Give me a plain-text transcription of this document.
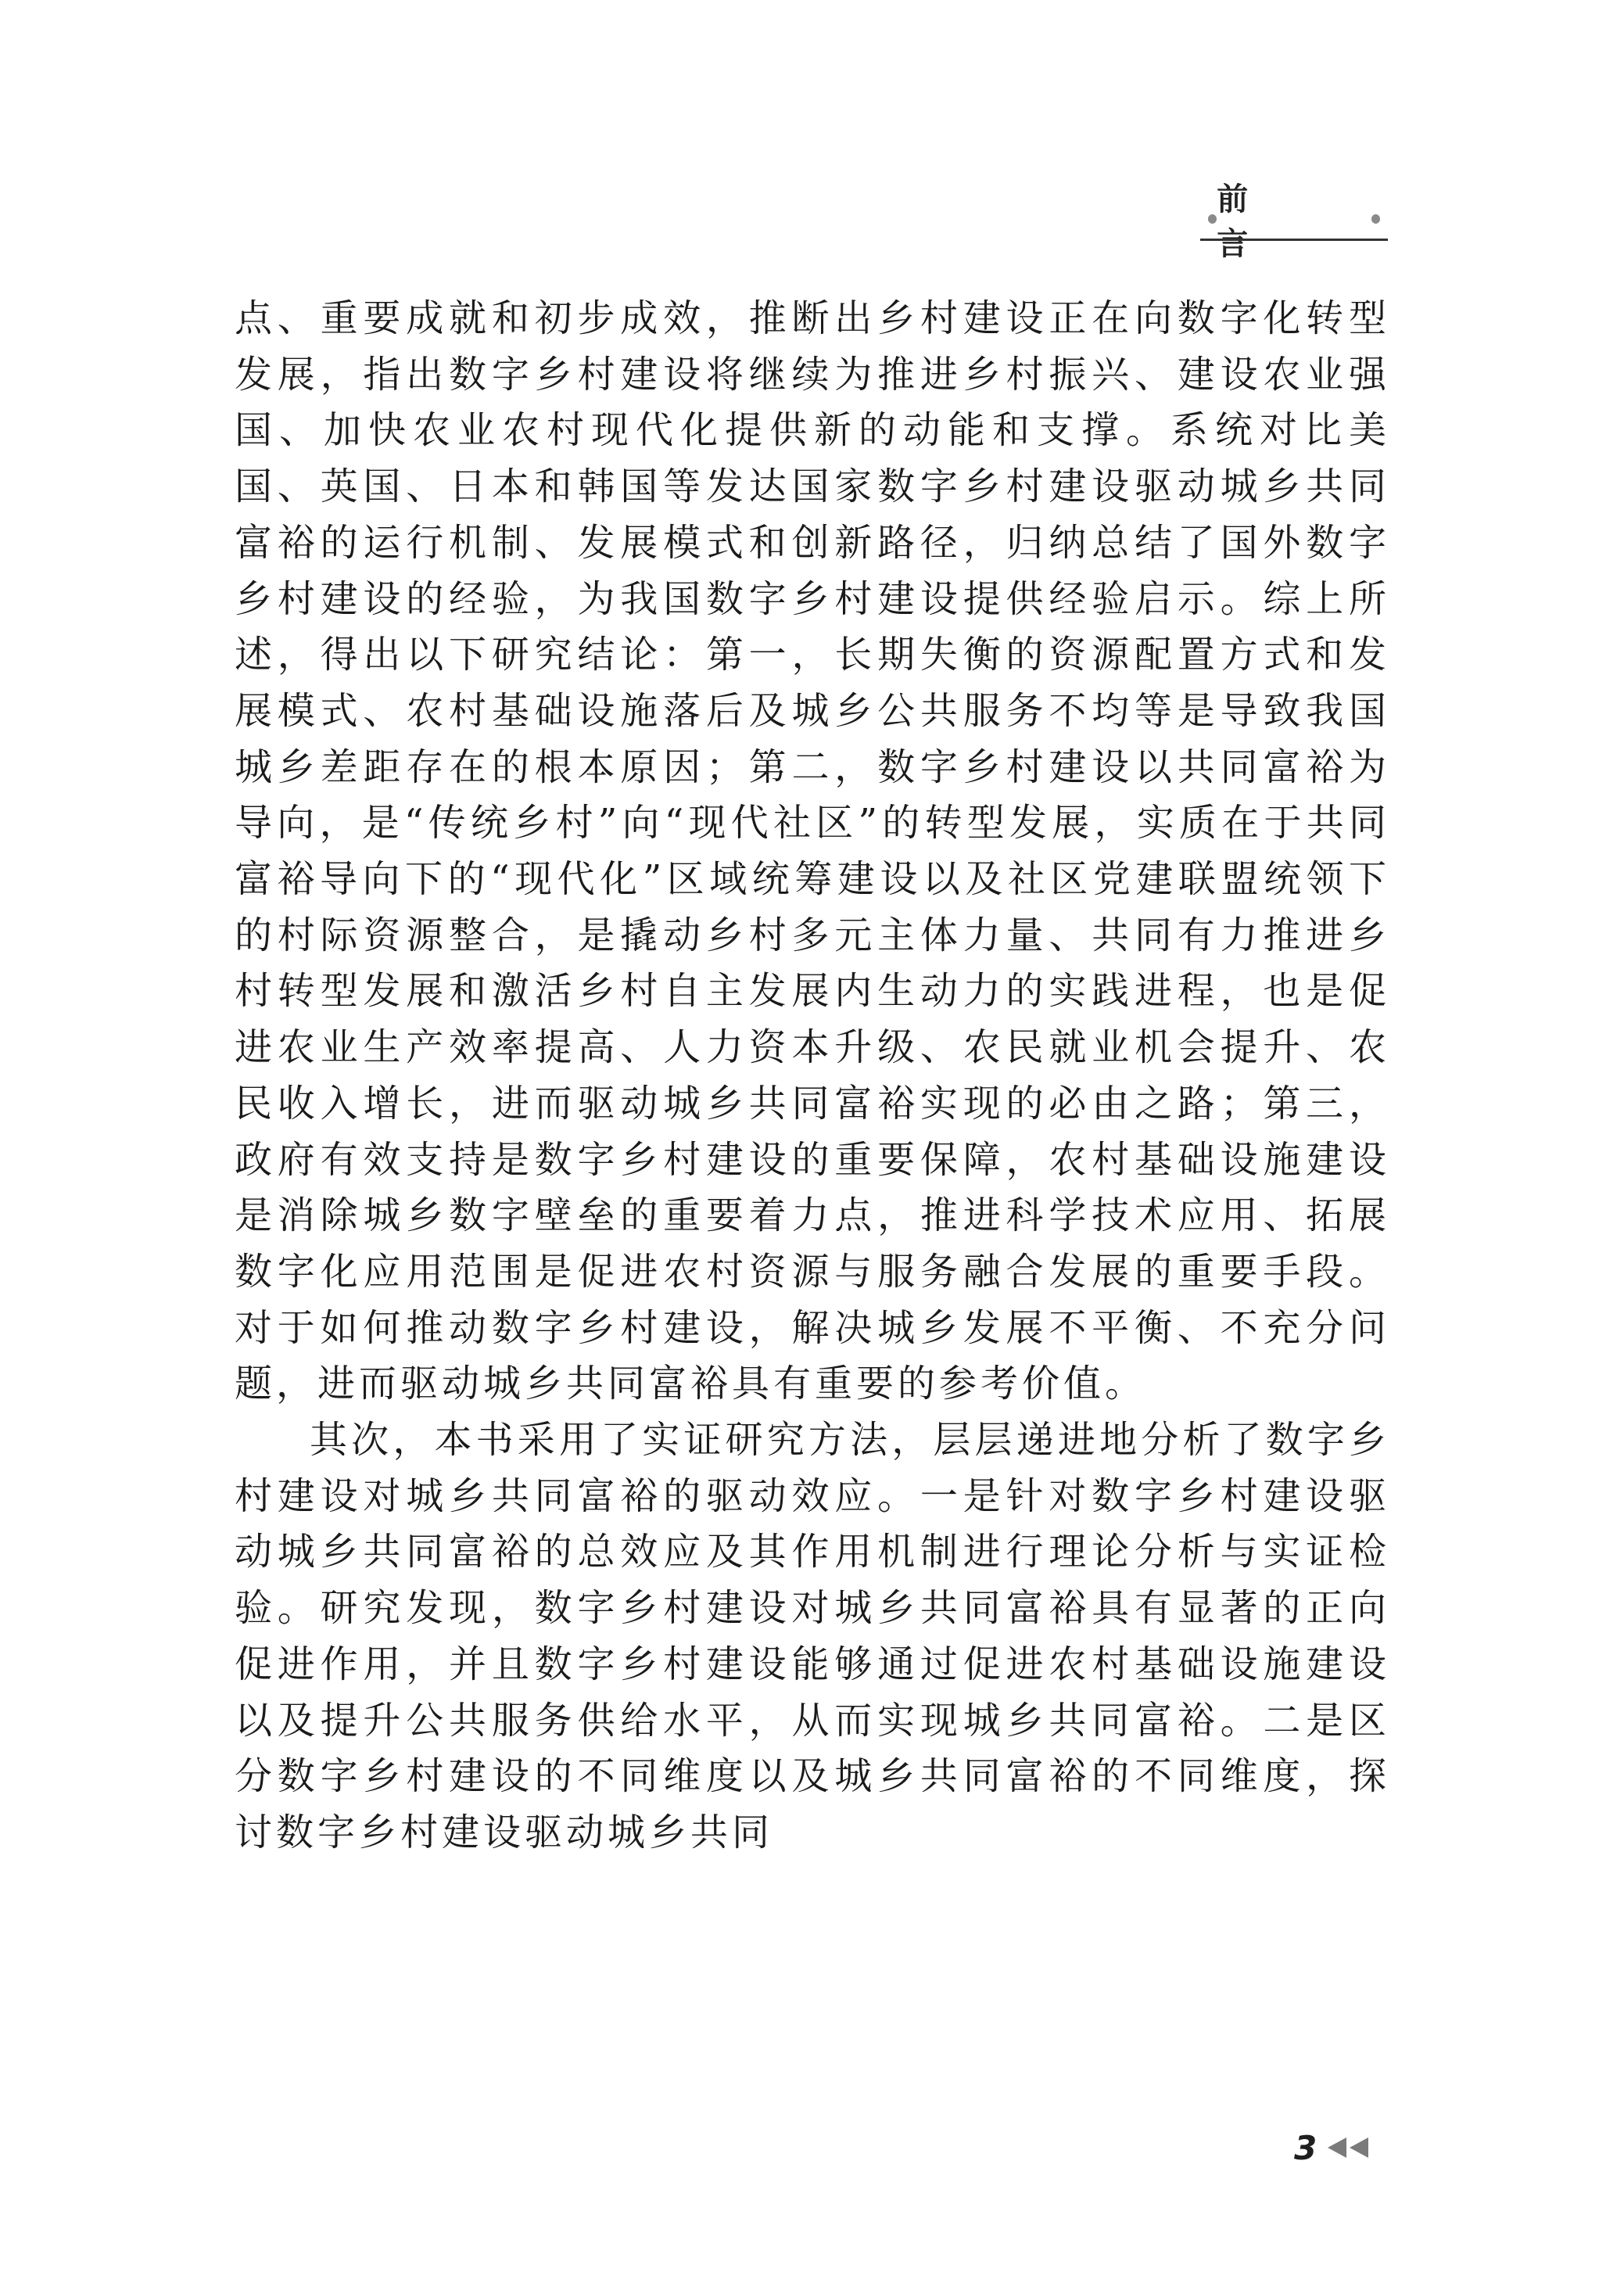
前 言

点、重要成就和初步成效，推断出乡村建设正在向数字化转型发展，指出数字乡村建设将继续为推进乡村振兴、建设农业强国、加快农业农村现代化提供新的动能和支撑。系统对比美国、英国、日本和韩国等发达国家数字乡村建设驱动城乡共同富裕的运行机制、发展模式和创新路径，归纳总结了国外数字乡村建设的经验，为我国数字乡村建设提供经验启示。综上所述，得出以下研究结论：第一，长期失衡的资源配置方式和发展模式、农村基础设施落后及城乡公共服务不均等是导致我国城乡差距存在的根本原因；第二，数字乡村建设以共同富裕为导向，是“传统乡村”向“现代社区”的转型发展，实质在于共同富裕导向下的“现代化”区域统筹建设以及社区党建联盟统领下的村际资源整合，是撬动乡村多元主体力量、共同有力推进乡村转型发展和激活乡村自主发展内生动力的实践进程，也是促进农业生产效率提高、人力资本升级、农民就业机会提升、农民收入增长，进而驱动城乡共同富裕实现的必由之路；第三，政府有效支持是数字乡村建设的重要保障，农村基础设施建设是消除城乡数字壁垒的重要着力点，推进科学技术应用、拓展数字化应用范围是促进农村资源与服务融合发展的重要手段。对于如何推动数字乡村建设，解决城乡发展不平衡、不充分问题，进而驱动城乡共同富裕具有重要的参考价值。

其次，本书采用了实证研究方法，层层递进地分析了数字乡村建设对城乡共同富裕的驱动效应。一是针对数字乡村建设驱动城乡共同富裕的总效应及其作用机制进行理论分析与实证检验。研究发现，数字乡村建设对城乡共同富裕具有显著的正向促进作用，并且数字乡村建设能够通过促进农村基础设施建设以及提升公共服务供给水平，从而实现城乡共同富裕。二是区分数字乡村建设的不同维度以及城乡共同富裕的不同维度，探讨数字乡村建设驱动城乡共同

3
